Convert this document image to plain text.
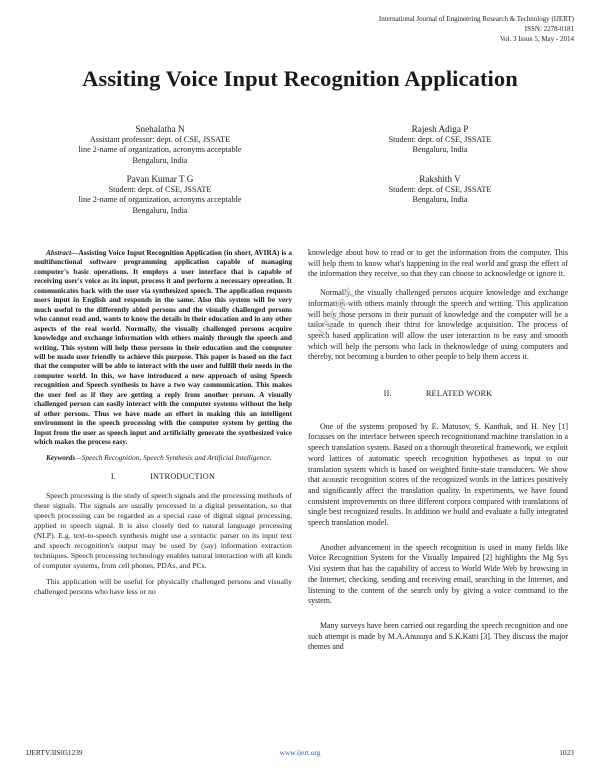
International Journal of Engineering Research & Technology (IJERT)
ISSN: 2278-0181
Vol. 3 Issue 5, May - 2014
Assiting Voice Input Recognition Application
Snehalatha N
Assistant professor: dept. of CSE, JSSATE
line 2-name of organization, acronyms acceptable
Bengaluru, India
Rajesh Adiga P
Student: dept. of CSE, JSSATE
Bengaluru, India
Pavan Kumar T G
Student: dept. of CSE, JSSATE
line 2-name of organization, acronyms acceptable
Bengaluru, India
Rakshith V
Student: dept. of CSE, JSSATE
Bengaluru, India

Abstract—Assisting Voice Input Recognition Application (in short, AVIRA) is a multifunctional software programming application capable of managing computer's basic operations. It employs a user interface that is capable of receiving user's voice as its input, process it and perform a necessary operation. It communicates back with the user via synthesized speech. The application requests users input in English and responds in the same. Also this system will be very much useful to the differently abled persons and the visually challenged persons who cannot read and, wants to know the details in their education and in any other aspects of the real world. Normally, the visually challenged persons acquire knowledge and exchange information with others mainly through the speech and writing. This system will help those persons in their education and the computer will be made user friendly to achieve this purpose. This paper is based on the fact that the computer will be able to interact with the user and fulfill their needs in the computer world. In this, we have introduced a new approach of using Speech recognition and Speech synthesis to have a two way communication. This makes the user feel as if they are getting a reply from another person. A visually challenged person can easily interact with the computer systems without the help of other persons. Thus we have made an effort in making this an intelligent environment in the speech processing with the computer system by getting the Input from the user as speech input and artificially generate the synthesized voice which makes the process easy.

Keywords—Speech Recognition, Speech Synthesis and Artificial Intelligence.

I.	INTRODUCTION

Speech processing is the study of speech signals and the processing methods of these signals. The signals are usually processed in a digital presentation, so that speech processing can be regarded as a special case of digital signal processing, applied to speech signal. It is also closely tied to natural language processing (NLP). E.g. text-to-speech synthesis might use a syntactic parser on its input text and speech recognition's output may be used by (say) information extraction techniques. Speech processing technology enables natural interaction with all kinds of computer systems, from cell phones, PDAs, and PCs.

This application will be useful for physically challenged persons and visually challenged persons who have less or no

knowledge about how to read or to get the information from the computer. This will help them to know what's happening in the real world and grasp the effect of the information they receive, so that they can choose to acknowledge or ignore it.

Normally, the visually challenged persons acquire knowledge and exchange information with others mainly through the speech and writing. This application will help those persons in their pursuit of knowledge and the computer will be a tailor-made to quench their thirst for knowledge acquisition. The process of speech based application will allow the user interaction to be easy and smooth which will help the persons who lack in theknowledge of using computers and thereby, not becoming a burden to other people to help them access it.

II.	RELATED WORK

One of the systems proposed by E. Matusov, S. Kanthak, and H. Ney [1] focusses on the interface between speech recognitionand machine translation in a speech translation system. Based on a thorough theoretical framework, we exploit word lattices of automatic speech recognition hypotheses as input to our translation system which is based on weighted finite-state transducers. We show that acoustic recognition scores of the recognized words in the lattices positively and significantly affect the translation quality. In experiments, we have found consistent improvements on three different corpora compared with translations of single best recognized results. In addition we build and evaluate a fully integrated speech translation model.

Another advancement in the speech recognition is used in many fields like Voice Recognition System for the Visually Impaired [2] highlights the Mg Sys Visi system that has the capability of access to World Wide Web by browsing in the Internet, checking, sending and receiving email, searching in the Internet, and listening to the content of the search only by giving a voice command to the system.

Many surveys have been carried out regarding the speech recognition and one such attempt is made by M.A.Anusuya and S.K.Katti [3]. They discuss the major themes and

IJERT
IJERTV3IS051239	www.ijert.org	1023
